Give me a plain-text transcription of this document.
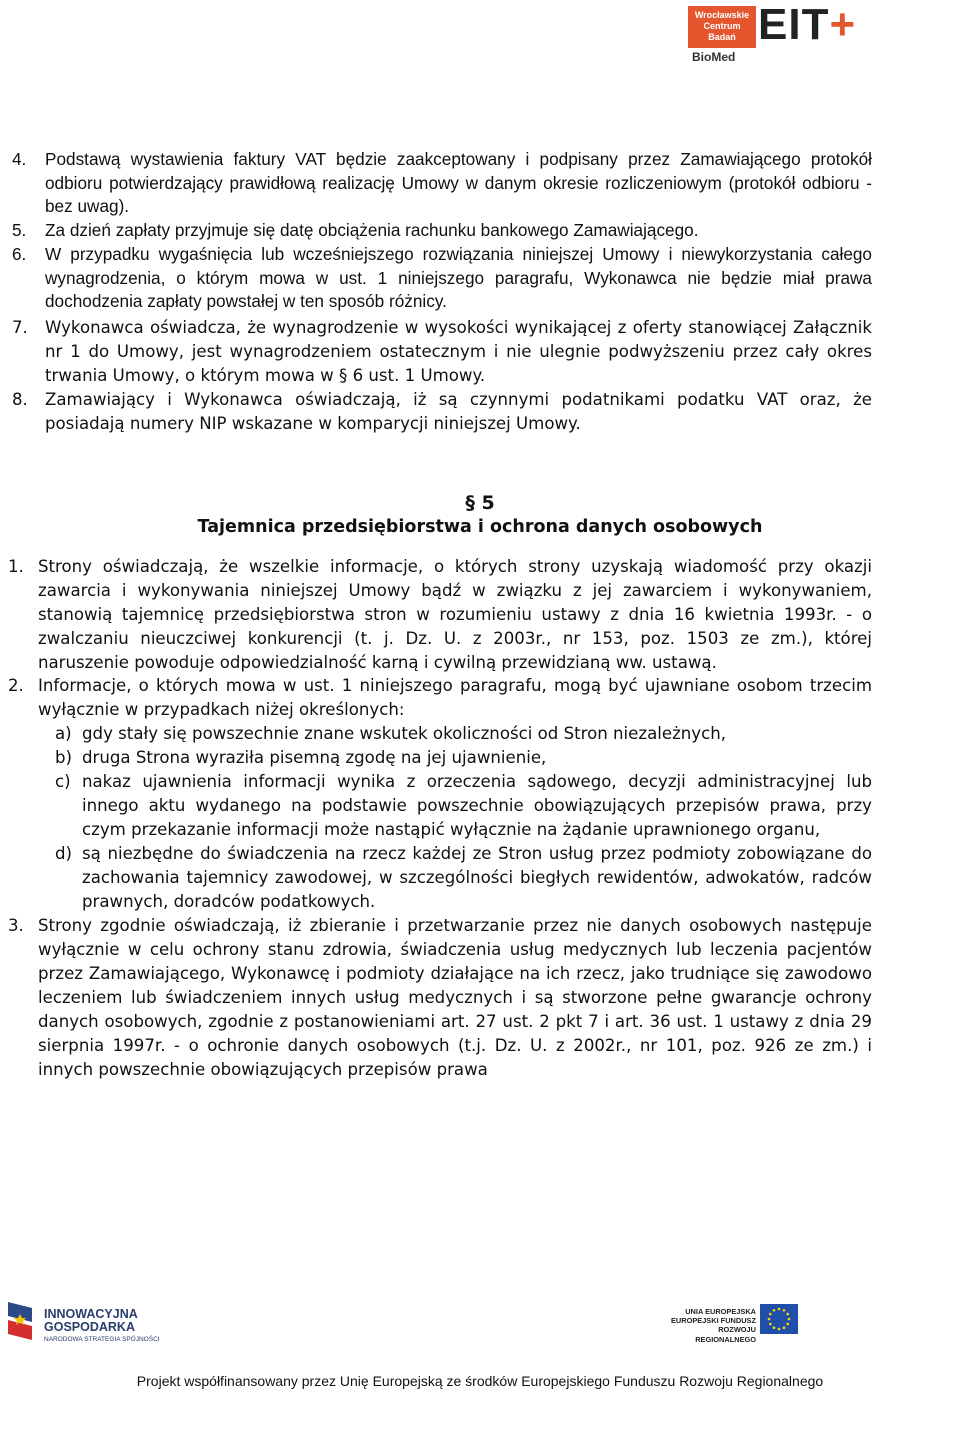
Wrocławskie
Centrum
Badań EIT+
BioMed
4. Podstawą wystawienia faktury VAT będzie zaakceptowany i podpisany przez Zamawiającego protokół odbioru potwierdzający prawidłową realizację Umowy w danym okresie rozliczeniowym (protokół odbioru - bez uwag).
5. Za dzień zapłaty przyjmuje się datę obciążenia rachunku bankowego Zamawiającego.
6. W przypadku wygaśnięcia lub wcześniejszego rozwiązania niniejszej Umowy i niewykorzystania całego wynagrodzenia, o którym mowa w ust. 1 niniejszego paragrafu, Wykonawca nie będzie miał prawa dochodzenia zapłaty powstałej w ten sposób różnicy.
7. Wykonawca oświadcza, że wynagrodzenie w wysokości wynikającej z oferty stanowiącej Załącznik nr 1 do Umowy, jest wynagrodzeniem ostatecznym i nie ulegnie podwyższeniu przez cały okres trwania Umowy, o którym mowa w § 6 ust. 1 Umowy.
8. Zamawiający i Wykonawca oświadczają, iż są czynnymi podatnikami podatku VAT oraz, że posiadają numery NIP wskazane w komparycji niniejszej Umowy.
§ 5
Tajemnica przedsiębiorstwa i ochrona danych osobowych
1. Strony oświadczają, że wszelkie informacje, o których strony uzyskają wiadomość przy okazji zawarcia i wykonywania niniejszej Umowy bądź w związku z jej zawarciem i wykonywaniem, stanowią tajemnicę przedsiębiorstwa stron w rozumieniu ustawy z dnia 16 kwietnia 1993r. - o zwalczaniu nieuczciwej konkurencji (t. j. Dz. U. z 2003r., nr 153, poz. 1503 ze zm.), której naruszenie powoduje odpowiedzialność karną i cywilną przewidzianą ww. ustawą.
2. Informacje, o których mowa w ust. 1 niniejszego paragrafu, mogą być ujawniane osobom trzecim wyłącznie w przypadkach niżej określonych:
a) gdy stały się powszechnie znane wskutek okoliczności od Stron niezależnych,
b) druga Strona wyraziła pisemną zgodę na jej ujawnienie,
c) nakaz ujawnienia informacji wynika z orzeczenia sądowego, decyzji administracyjnej lub innego aktu wydanego na podstawie powszechnie obowiązujących przepisów prawa, przy czym przekazanie informacji może nastąpić wyłącznie na żądanie uprawnionego organu,
d) są niezbędne do świadczenia na rzecz każdej ze Stron usług przez podmioty zobowiązane do zachowania tajemnicy zawodowej, w szczególności biegłych rewidentów, adwokatów, radców prawnych, doradców podatkowych.
3. Strony zgodnie oświadczają, iż zbieranie i przetwarzanie przez nie danych osobowych następuje wyłącznie w celu ochrony stanu zdrowia, świadczenia usług medycznych lub leczenia pacjentów przez Zamawiającego, Wykonawcę i podmioty działające na ich rzecz, jako trudniące się zawodowo leczeniem lub świadczeniem innych usług medycznych i są stworzone pełne gwarancje ochrony danych osobowych, zgodnie z postanowieniami art. 27 ust. 2 pkt 7 i art. 36 ust. 1 ustawy z dnia 29 sierpnia 1997r. - o ochronie danych osobowych (t.j. Dz. U. z 2002r., nr 101, poz. 926 ze zm.) i innych powszechnie obowiązujących przepisów prawa
INNOWACYJNA
GOSPODARKA
NARODOWA STRATEGIA SPÓJNOŚCI
UNIA EUROPEJSKA
EUROPEJSKI FUNDUSZ
ROZWOJU REGIONALNEGO
Projekt współfinansowany przez Unię Europejską ze środków Europejskiego Funduszu Rozwoju Regionalnego
